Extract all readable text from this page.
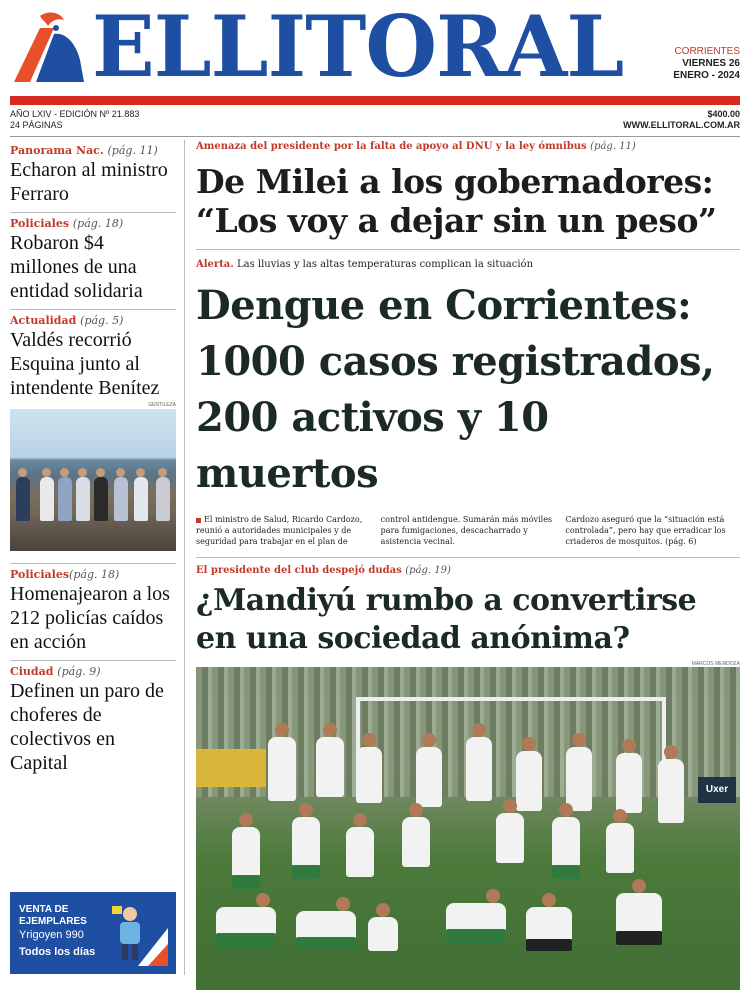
ELLITORAL	CORRIENTES
VIERNES 26
ENERO - 2024
AÑO LXIV - EDICIÓN Nº 21.883
24 PÁGINAS
$400.00
WWW.ELLITORAL.COM.AR
Panorama Nac. (pág. 11)
Echaron al ministro Ferraro
Policiales (pág. 18)
Robaron $4 millones de una entidad solidaria
Actualidad (pág. 5)
Valdés recorrió Esquina junto al intendente Benítez
GENTILEZA
Policiales(pág. 18)
Homenajearon a los 212 policías caídos en acción
Ciudad (pág. 9)
Definen un paro de choferes de colectivos en Capital
VENTA DE
EJEMPLARES
Yrigoyen 990
Todos los días
Amenaza del presidente por la falta de apoyo al DNU y la ley ómnibus (pág. 11)
De Milei a los gobernadores:
“Los voy a dejar sin un peso”
Alerta. Las lluvias y las altas temperaturas complican la situación
Dengue en Corrientes:
1000 casos registrados,
200 activos y 10 muertos
El ministro de Salud, Ricardo Cardozo, reunió a autoridades municipales y de seguridad para trabajar en el plan de
control antidengue. Sumarán más móviles para fumigaciones, descacharrado y asistencia vecinal.
Cardozo aseguró que la “situación está controlada”, pero hay que erradicar los criaderos de mosquitos. (pág. 6)
El presidente del club despejó dudas (pág. 19)
¿Mandiyú rumbo a convertirse
en una sociedad anónima?
MARCOS MENDOZA
Uxer
